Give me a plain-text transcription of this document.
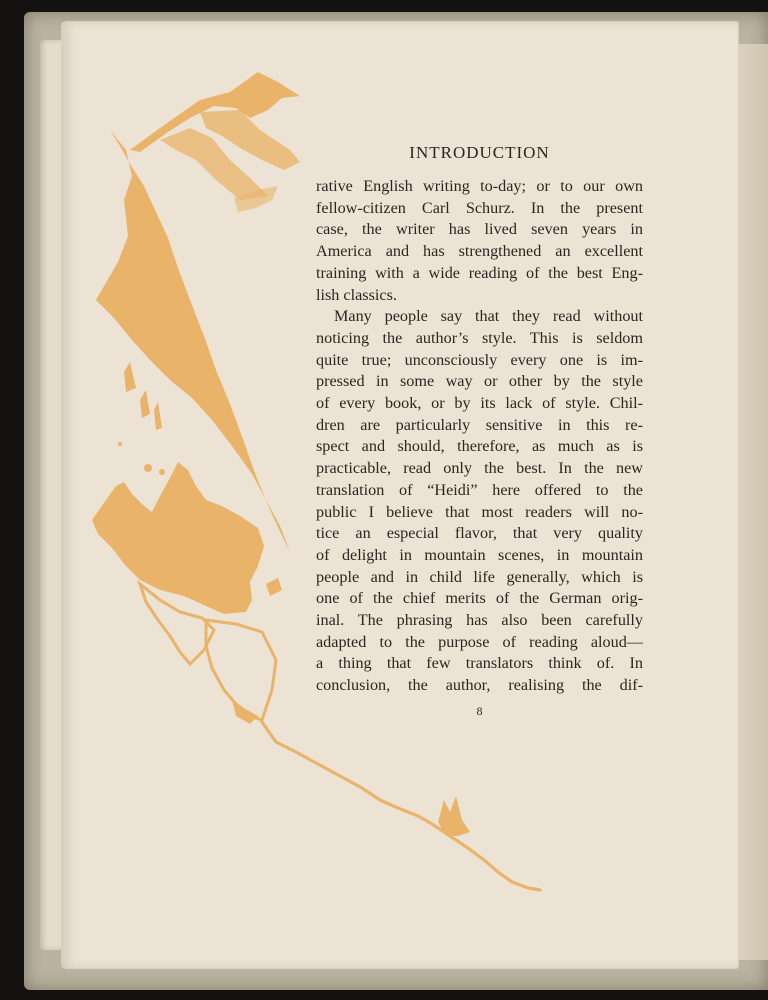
INTRODUCTION
rative English writing to-day; or to our own
fellow-citizen Carl Schurz. In the present
case, the writer has lived seven years in
America and has strengthened an excellent
training with a wide reading of the best Eng-
lish classics.
Many people say that they read without
noticing the author’s style. This is seldom
quite true; unconsciously every one is im-
pressed in some way or other by the style
of every book, or by its lack of style. Chil-
dren are particularly sensitive in this re-
spect and should, therefore, as much as is
practicable, read only the best. In the new
translation of “Heidi” here offered to the
public I believe that most readers will no-
tice an especial flavor, that very quality
of delight in mountain scenes, in mountain
people and in child life generally, which is
one of the chief merits of the German orig-
inal. The phrasing has also been carefully
adapted to the purpose of reading aloud—
a thing that few translators think of. In
conclusion, the author, realising the dif-
8
